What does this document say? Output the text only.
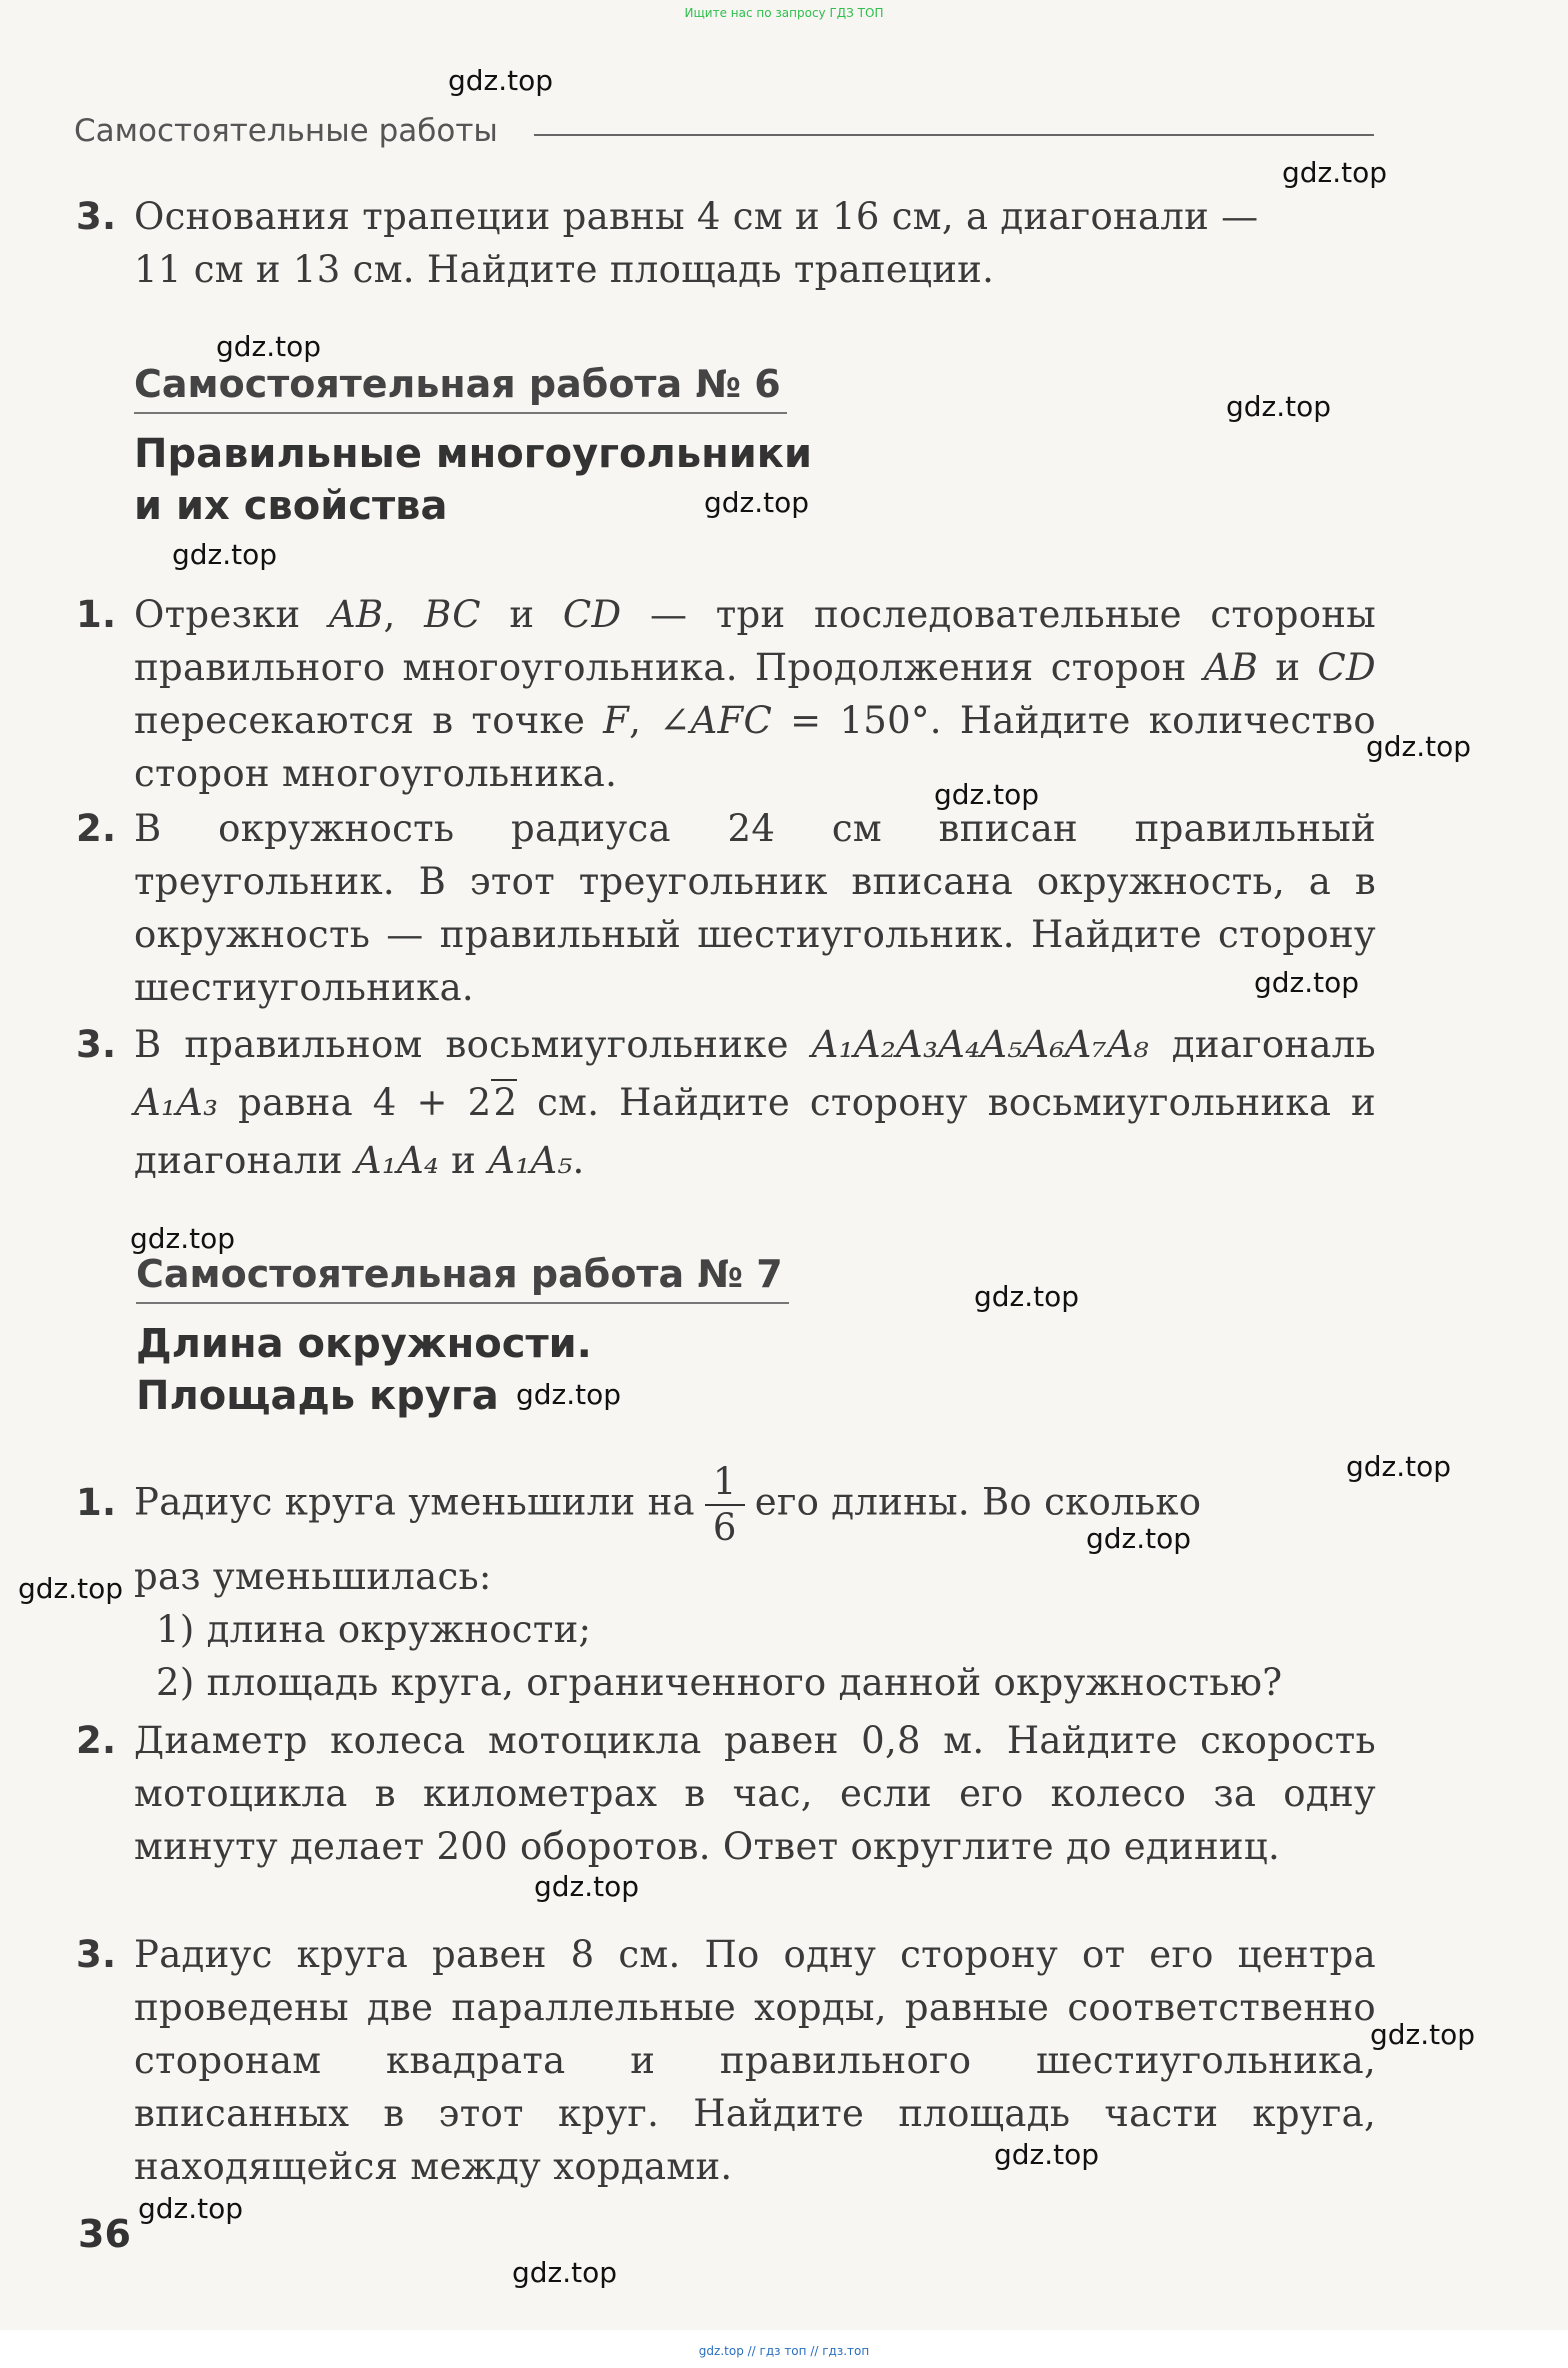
Ищите нас по запросу ГДЗ ТОП
Самостоятельные работы
3. Основания трапеции равны 4 см и 16 см, а диагонали —
11 см и 13 см. Найдите площадь трапеции.
Самостоятельная работа № 6
Правильные многоугольники
и их свойства
1. Отрезки AB, BC и CD — три последовательные стороны правильного многоугольника. Продолжения сторон AB и CD пересекаются в точке F, ∠AFC = 150°. Найдите количество сторон многоугольника.
2. В окружность радиуса 24 см вписан правильный треугольник. В этот треугольник вписана окружность, а в окружность — правильный шестиугольник. Найдите сторону шестиугольника.
3. В правильном восьмиугольнике A₁A₂A₃A₄A₅A₆A₇A₈ диагональ A₁A₃ равна 4 + 22 см. Найдите сторону восьмиугольника и диагонали A₁A₄ и A₁A₅.
Самостоятельная работа № 7
Длина окружности.
Площадь круга
1. Радиус круга уменьшили на $\frac{1}{6}$ его длины. Во сколько
раз уменьшилась:
1) длина окружности;
2) площадь круга, ограниченного данной окружностью?
2. Диаметр колеса мотоцикла равен 0,8 м. Найдите скорость мотоцикла в километрах в час, если его колесо за одну минуту делает 200 оборотов. Ответ округлите до единиц.
3. Радиус круга равен 8 см. По одну сторону от его центра проведены две параллельные хорды, равные соответственно сторонам квадрата и правильного шестиугольника, вписанных в этот круг. Найдите площадь части круга, находящейся между хордами.
36
gdz.top
gdz.top
gdz.top
gdz.top
gdz.top
gdz.top
gdz.top
gdz.top
gdz.top
gdz.top
gdz.top
gdz.top
gdz.top
gdz.top
gdz.top
gdz.top
gdz.top
gdz.top
gdz.top
gdz.top
gdz.top // гдз топ // гдз.топ
